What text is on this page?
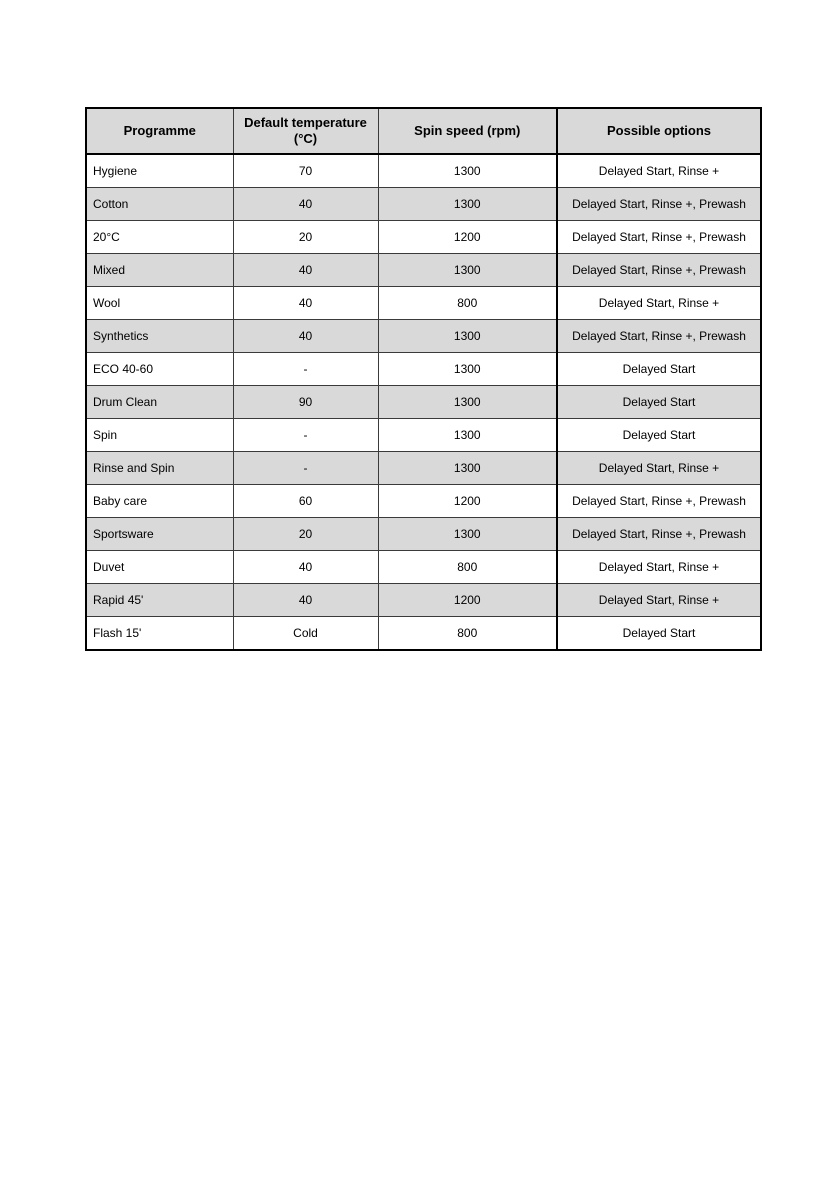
Programme	Default temperature (°C)	Spin speed (rpm)	Possible options
Hygiene	70	1300	Delayed Start, Rinse +
Cotton	40	1300	Delayed Start, Rinse +, Prewash
20°C	20	1200	Delayed Start, Rinse +, Prewash
Mixed	40	1300	Delayed Start, Rinse +, Prewash
Wool	40	800	Delayed Start, Rinse +
Synthetics	40	1300	Delayed Start, Rinse +, Prewash
ECO 40-60	-	1300	Delayed Start
Drum Clean	90	1300	Delayed Start
Spin	-	1300	Delayed Start
Rinse and Spin	-	1300	Delayed Start, Rinse +
Baby care	60	1200	Delayed Start, Rinse +, Prewash
Sportsware	20	1300	Delayed Start, Rinse +, Prewash
Duvet	40	800	Delayed Start, Rinse +
Rapid 45'	40	1200	Delayed Start, Rinse +
Flash 15'	Cold	800	Delayed Start
